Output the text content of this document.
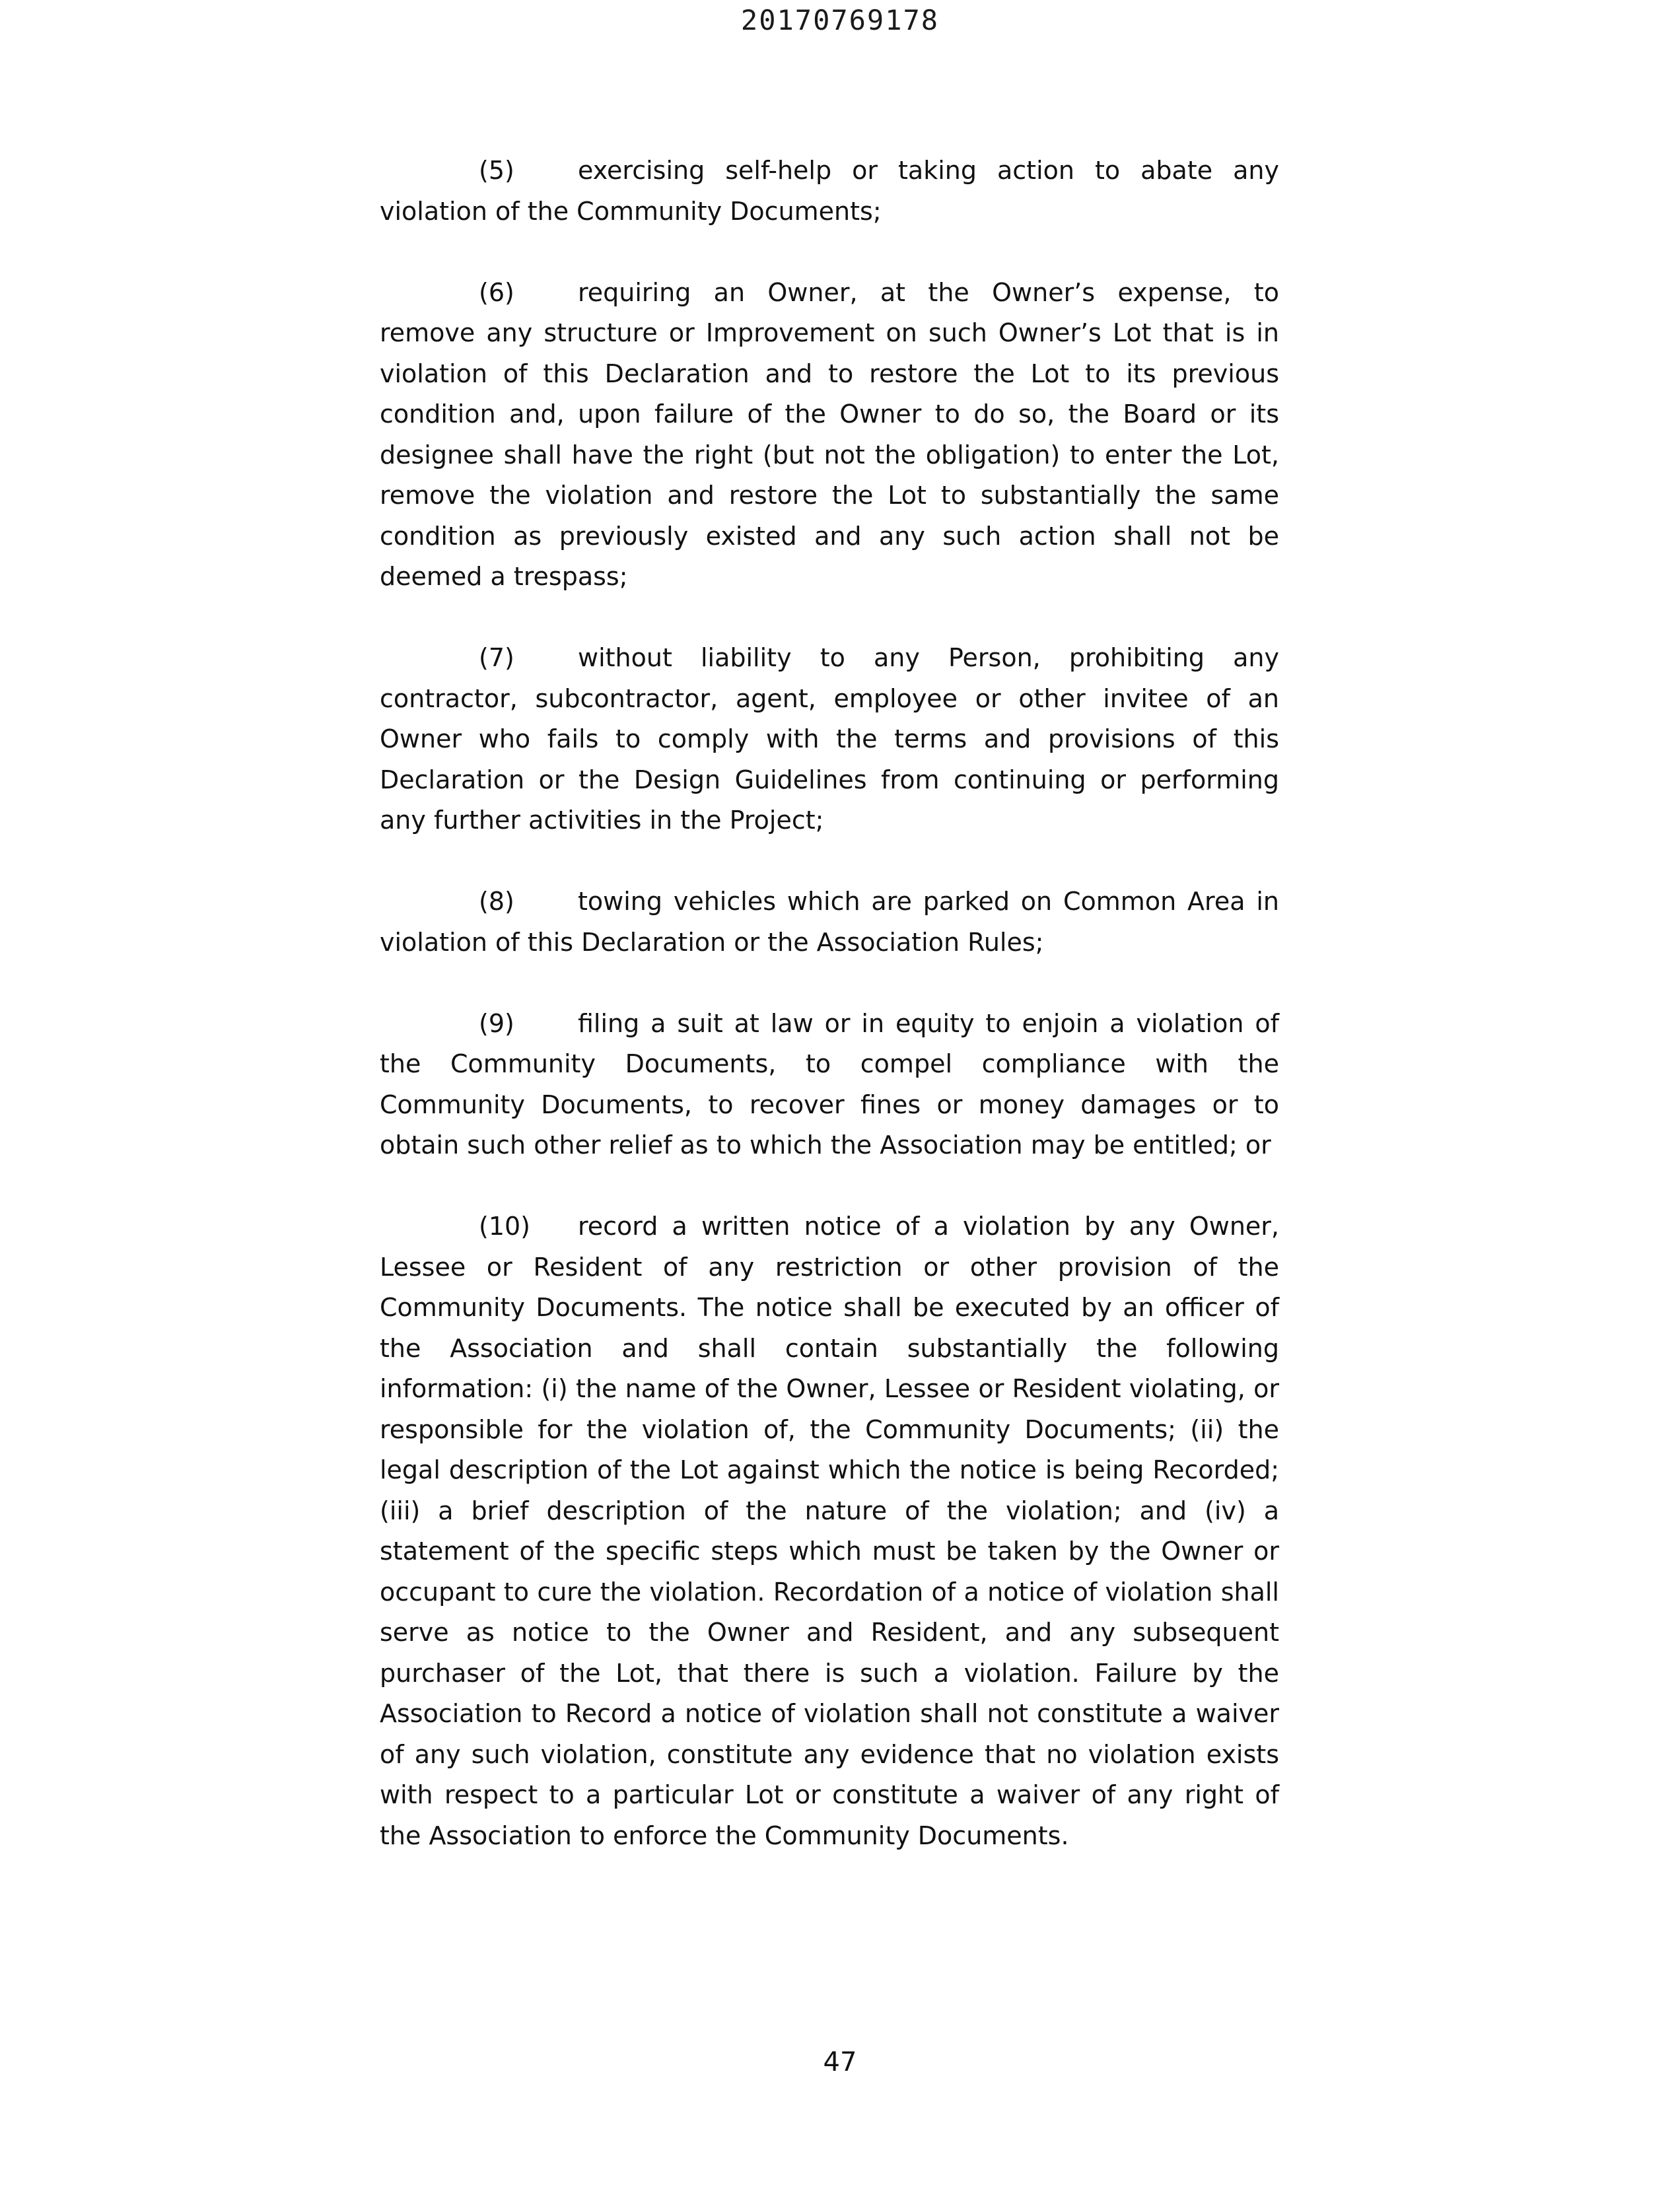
20170769178

(5)	exercising self-help or taking action to abate any violation of the Community Documents;

(6)	requiring an Owner, at the Owner’s expense, to remove any structure or Improvement on such Owner’s Lot that is in violation of this Declaration and to restore the Lot to its previous condition and, upon failure of the Owner to do so, the Board or its designee shall have the right (but not the obligation) to enter the Lot, remove the violation and restore the Lot to substantially the same condition as previously existed and any such action shall not be deemed a trespass;

(7)	without liability to any Person, prohibiting any contractor, subcontractor, agent, employee or other invitee of an Owner who fails to comply with the terms and provisions of this Declaration or the Design Guidelines from continuing or performing any further activities in the Project;

(8)	towing vehicles which are parked on Common Area in violation of this Declaration or the Association Rules;

(9)	filing a suit at law or in equity to enjoin a violation of the Community Documents, to compel compliance with the Community Documents, to recover fines or money damages or to obtain such other relief as to which the Association may be entitled; or

(10) record a written notice of a violation by any Owner, Lessee or Resident of any restriction or other provision of the Community Documents. The notice shall be executed by an officer of the Association and shall contain substantially the following information: (i) the name of the Owner, Lessee or Resident violating, or responsible for the violation of, the Community Documents; (ii) the legal description of the Lot against which the notice is being Recorded; (iii) a brief description of the nature of the violation; and (iv) a statement of the specific steps which must be taken by the Owner or occupant to cure the violation. Recordation of a notice of violation shall serve as notice to the Owner and Resident, and any subsequent purchaser of the Lot, that there is such a violation. Failure by the Association to Record a notice of violation shall not constitute a waiver of any such violation, constitute any evidence that no violation exists with respect to a particular Lot or constitute a waiver of any right of the Association to enforce the Community Documents.

47
